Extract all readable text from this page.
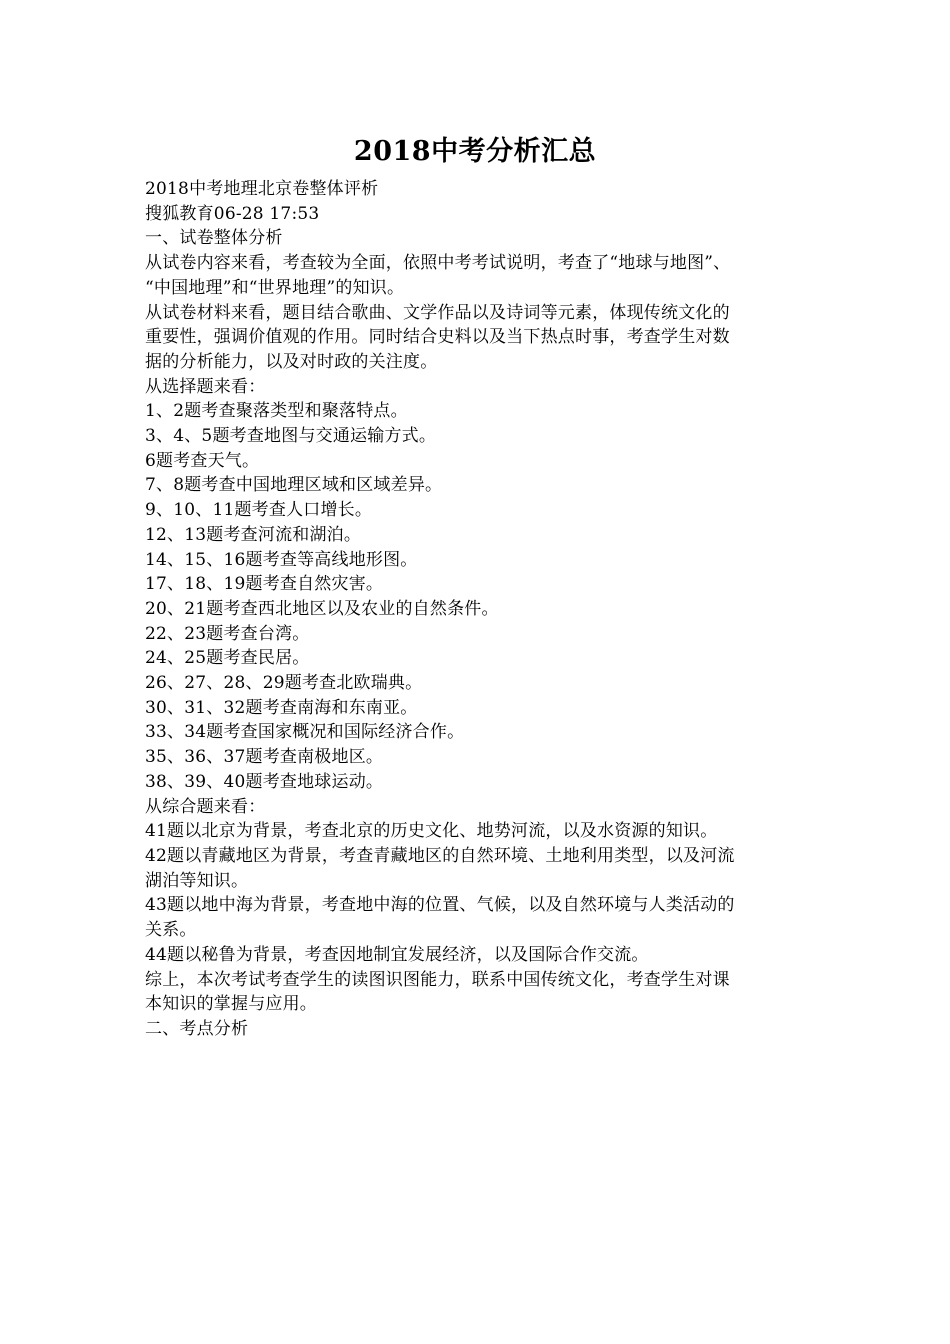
2018中考分析汇总
2018中考地理北京卷整体评析
搜狐教育06-28 17:53
一、试卷整体分析
从试卷内容来看，考查较为全面，依照中考考试说明，考查了“地球与地图”、
“中国地理”和“世界地理”的知识。
从试卷材料来看，题目结合歌曲、文学作品以及诗词等元素，体现传统文化的
重要性，强调价值观的作用。同时结合史料以及当下热点时事，考查学生对数
据的分析能力，以及对时政的关注度。
从选择题来看：
1、2题考查聚落类型和聚落特点。
3、4、5题考查地图与交通运输方式。
6题考查天气。
7、8题考查中国地理区域和区域差异。
9、10、11题考查人口增长。
12、13题考查河流和湖泊。
14、15、16题考查等高线地形图。
17、18、19题考查自然灾害。
20、21题考查西北地区以及农业的自然条件。
22、23题考查台湾。
24、25题考查民居。
26、27、28、29题考查北欧瑞典。
30、31、32题考查南海和东南亚。
33、34题考查国家概况和国际经济合作。
35、36、37题考查南极地区。
38、39、40题考查地球运动。
从综合题来看：
41题以北京为背景，考查北京的历史文化、地势河流，以及水资源的知识。
42题以青藏地区为背景，考查青藏地区的自然环境、土地利用类型，以及河流
湖泊等知识。
43题以地中海为背景，考查地中海的位置、气候，以及自然环境与人类活动的
关系。
44题以秘鲁为背景，考查因地制宜发展经济，以及国际合作交流。
综上，本次考试考查学生的读图识图能力，联系中国传统文化，考查学生对课
本知识的掌握与应用。
二、考点分析
